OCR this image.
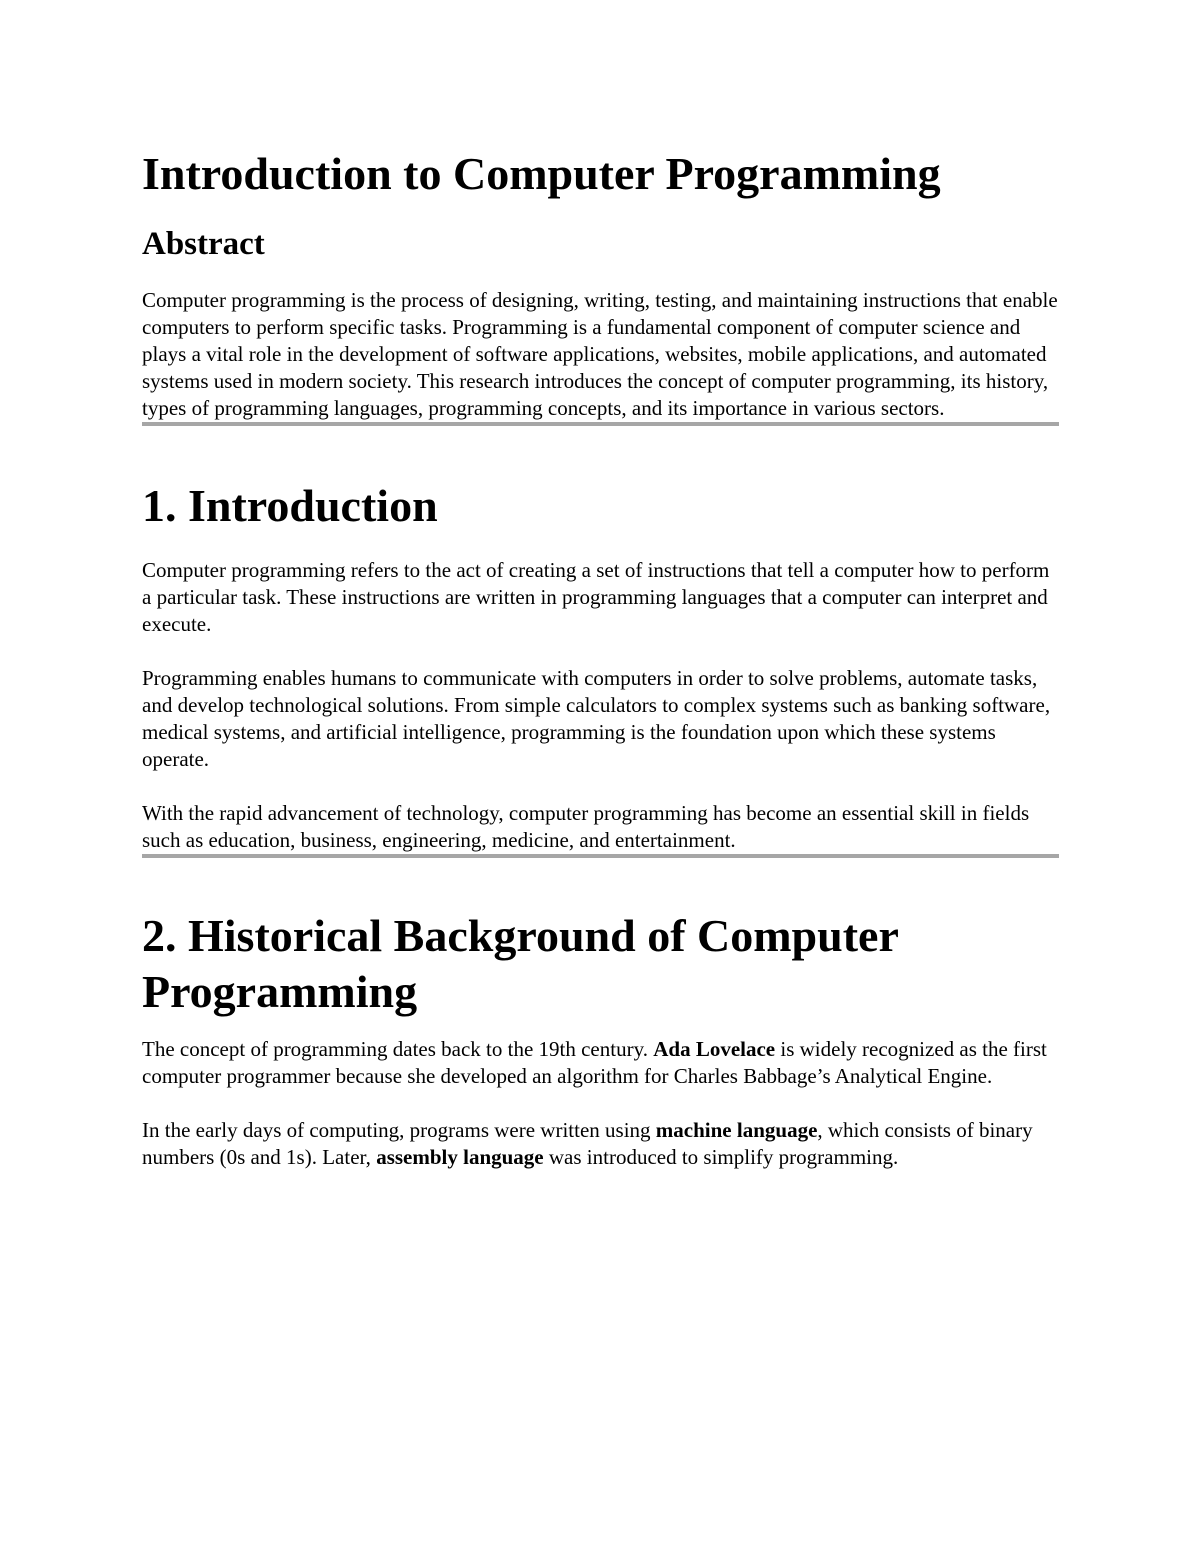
Introduction to Computer Programming
Abstract

Computer programming is the process of designing, writing, testing, and maintaining instructions that enable computers to perform specific tasks. Programming is a fundamental component of computer science and plays a vital role in the development of software applications, websites, mobile applications, and automated systems used in modern society. This research introduces the concept of computer programming, its history, types of programming languages, programming concepts, and its importance in various sectors.

1. Introduction

Computer programming refers to the act of creating a set of instructions that tell a computer how to perform a particular task. These instructions are written in programming languages that a computer can interpret and execute.

Programming enables humans to communicate with computers in order to solve problems, automate tasks, and develop technological solutions. From simple calculators to complex systems such as banking software, medical systems, and artificial intelligence, programming is the foundation upon which these systems operate.

With the rapid advancement of technology, computer programming has become an essential skill in fields such as education, business, engineering, medicine, and entertainment.

2. Historical Background of Computer Programming

The concept of programming dates back to the 19th century. Ada Lovelace is widely recognized as the first computer programmer because she developed an algorithm for Charles Babbage’s Analytical Engine.

In the early days of computing, programs were written using machine language, which consists of binary numbers (0s and 1s). Later, assembly language was introduced to simplify programming.
